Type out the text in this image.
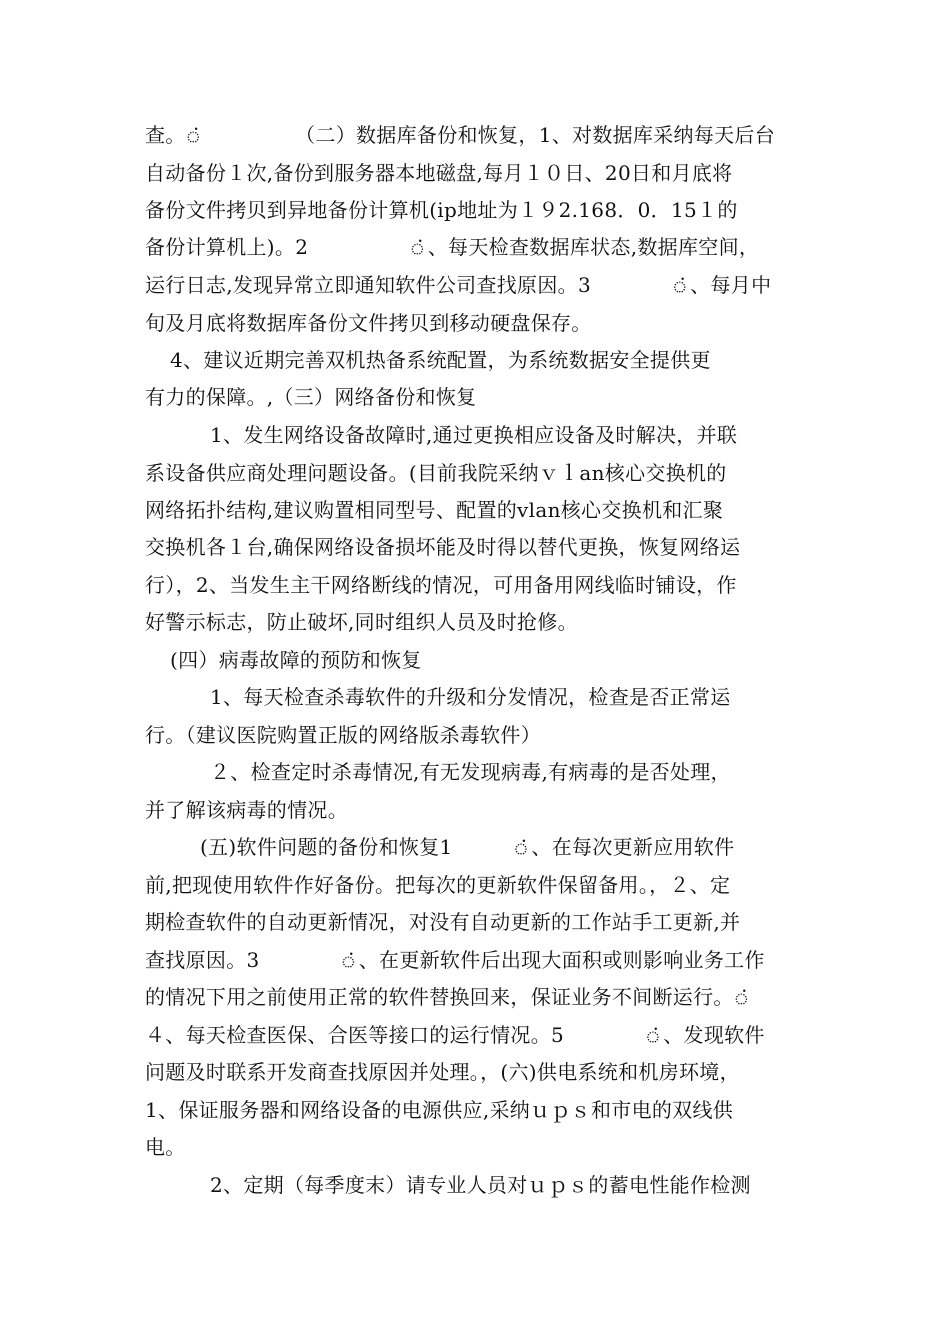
查。்　　　　　（二）数据库备份和恢复，1、对数据库采纳每天后台
自动备份１次,备份到服务器本地磁盘,每月１０日、20日和月底将
备份文件拷贝到异地备份计算机(ip地址为１９2.168．0．15１的
备份计算机上)。2　　　　　்、每天检查数据库状态,数据库空间，
运行日志,发现异常立即通知软件公司查找原因。3　　　　்、每月中
旬及月底将数据库备份文件拷贝到移动硬盘保存。
4、建议近期完善双机热备系统配置，为系统数据安全提供更
有力的保障。,（三）网络备份和恢复
1、发生网络设备故障时,通过更换相应设备及时解决，并联
系设备供应商处理问题设备。(目前我院采纳ｖｌan核心交换机的
网络拓扑结构,建议购置相同型号、配置的vlan核心交换机和汇聚
交换机各１台,确保网络设备损坏能及时得以替代更换，恢复网络运
行），2、当发生主干网络断线的情况，可用备用网线临时铺设，作
好警示标志，防止破坏,同时组织人员及时抢修。
(四）病毒故障的预防和恢复
1、每天检查杀毒软件的升级和分发情况，检查是否正常运
行。（建议医院购置正版的网络版杀毒软件）
２、检查定时杀毒情况,有无发现病毒,有病毒的是否处理，
并了解该病毒的情况。
(五)软件问题的备份和恢复1　　　்、在每次更新应用软件
前,把现使用软件作好备份。把每次的更新软件保留备用。，２、定
期检查软件的自动更新情况，对没有自动更新的工作站手工更新,并
查找原因。3　　　　்、在更新软件后出现大面积或则影响业务工作
的情况下用之前使用正常的软件替换回来，保证业务不间断运行。்
４、每天检查医保、合医等接口的运行情况。5　　　　்、发现软件
问题及时联系开发商查找原因并处理。，(六)供电系统和机房环境，
1、保证服务器和网络设备的电源供应,采纳ｕｐｓ和市电的双线供
电。
2、定期（每季度末）请专业人员对ｕｐｓ的蓄电性能作检测
